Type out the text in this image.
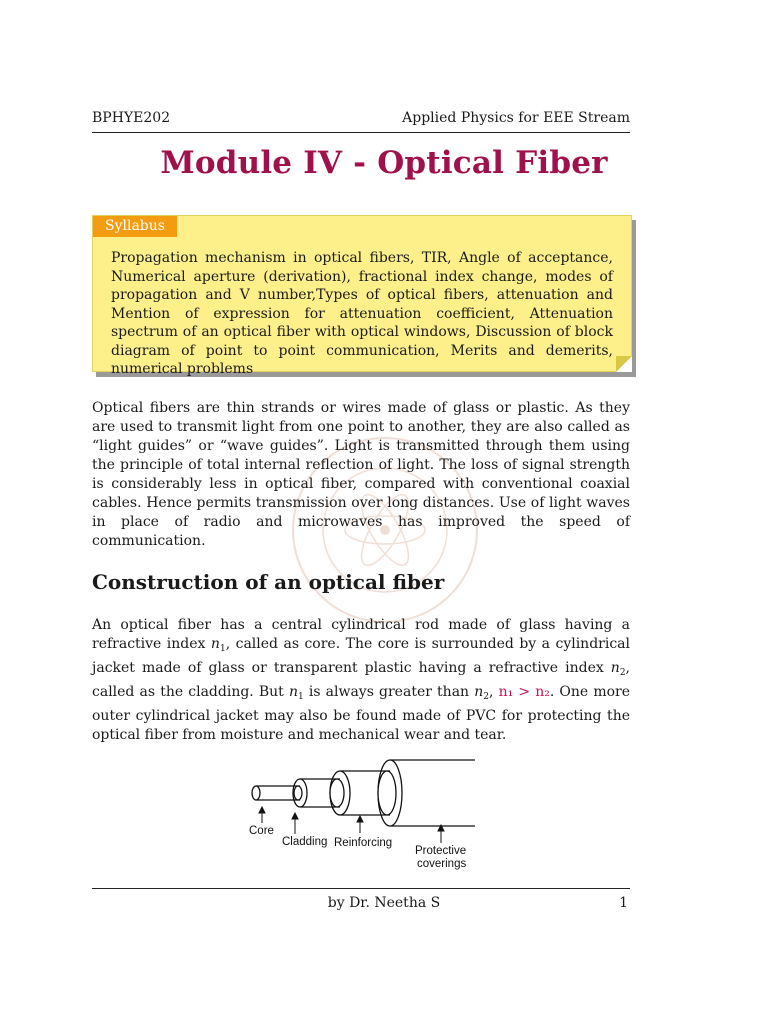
BPHYE202	Applied Physics for EEE Stream
Module IV - Optical Fiber
Syllabus
Propagation mechanism in optical fibers, TIR, Angle of acceptance, Numerical aperture (derivation), fractional index change, modes of propagation and V number,Types of optical fibers, attenuation and Mention of expression for attenuation coefficient, Attenuation spectrum of an optical fiber with optical windows, Discussion of block diagram of point to point communication, Merits and demerits, numerical problems

Optical fibers are thin strands or wires made of glass or plastic. As they are used to transmit light from one point to another, they are also called as “light guides” or “wave guides”. Light is transmitted through them using the principle of total internal reflection of light. The loss of signal strength is considerably less in optical fiber, compared with conventional coaxial cables. Hence permits transmission over long distances. Use of light waves in place of radio and microwaves has improved the speed of communication.

Construction of an optical fiber

An optical fiber has a central cylindrical rod made of glass having a refractive index $n_1$, called as core. The core is surrounded by a cylindrical jacket made of glass or transparent plastic having a refractive index $n_2$, called as the cladding. But $n_1$ is always greater than $n_2$, n₁ > n₂. One more outer cylindrical jacket may also be found made of PVC for protecting the optical fiber from moisture and mechanical wear and tear.

Core
Cladding Reinforcing
Protective
coverings
by Dr. Neetha S	1
